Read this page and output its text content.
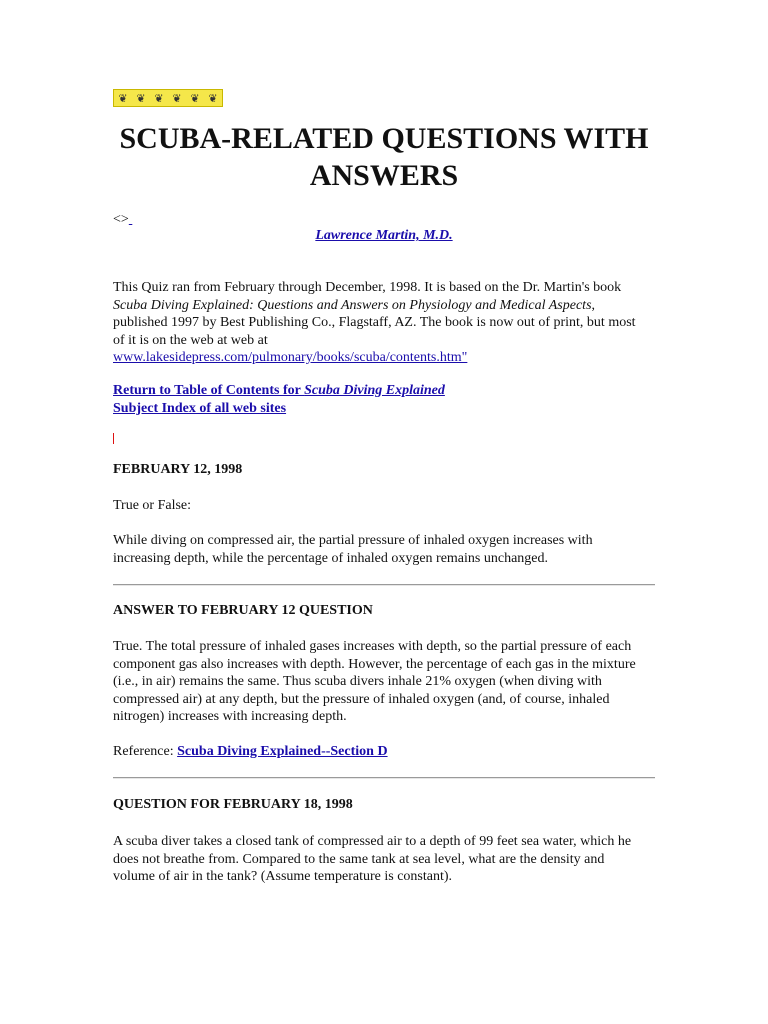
❦ ❦ ❦ ❦ ❦ ❦
SCUBA-RELATED QUESTIONS WITH ANSWERS
<>
Lawrence Martin, M.D.

This Quiz ran from February through December, 1998. It is based on the Dr. Martin's book Scuba Diving Explained: Questions and Answers on Physiology and Medical Aspects, published 1997 by Best Publishing Co., Flagstaff, AZ. The book is now out of print, but most of it is on the web at web at
www.lakesidepress.com/pulmonary/books/scuba/contents.htm"

Return to Table of Contents for Scuba Diving Explained
Subject Index of all web sites

FEBRUARY 12, 1998

True or False:

While diving on compressed air, the partial pressure of inhaled oxygen increases with increasing depth, while the percentage of inhaled oxygen remains unchanged.

ANSWER TO FEBRUARY 12 QUESTION

True. The total pressure of inhaled gases increases with depth, so the partial pressure of each component gas also increases with depth. However, the percentage of each gas in the mixture (i.e., in air) remains the same. Thus scuba divers inhale 21% oxygen (when diving with compressed air) at any depth, but the pressure of inhaled oxygen (and, of course, inhaled nitrogen) increases with increasing depth.

Reference: Scuba Diving Explained--Section D

QUESTION FOR FEBRUARY 18, 1998

A scuba diver takes a closed tank of compressed air to a depth of 99 feet sea water, which he does not breathe from. Compared to the same tank at sea level, what are the density and volume of air in the tank? (Assume temperature is constant).
